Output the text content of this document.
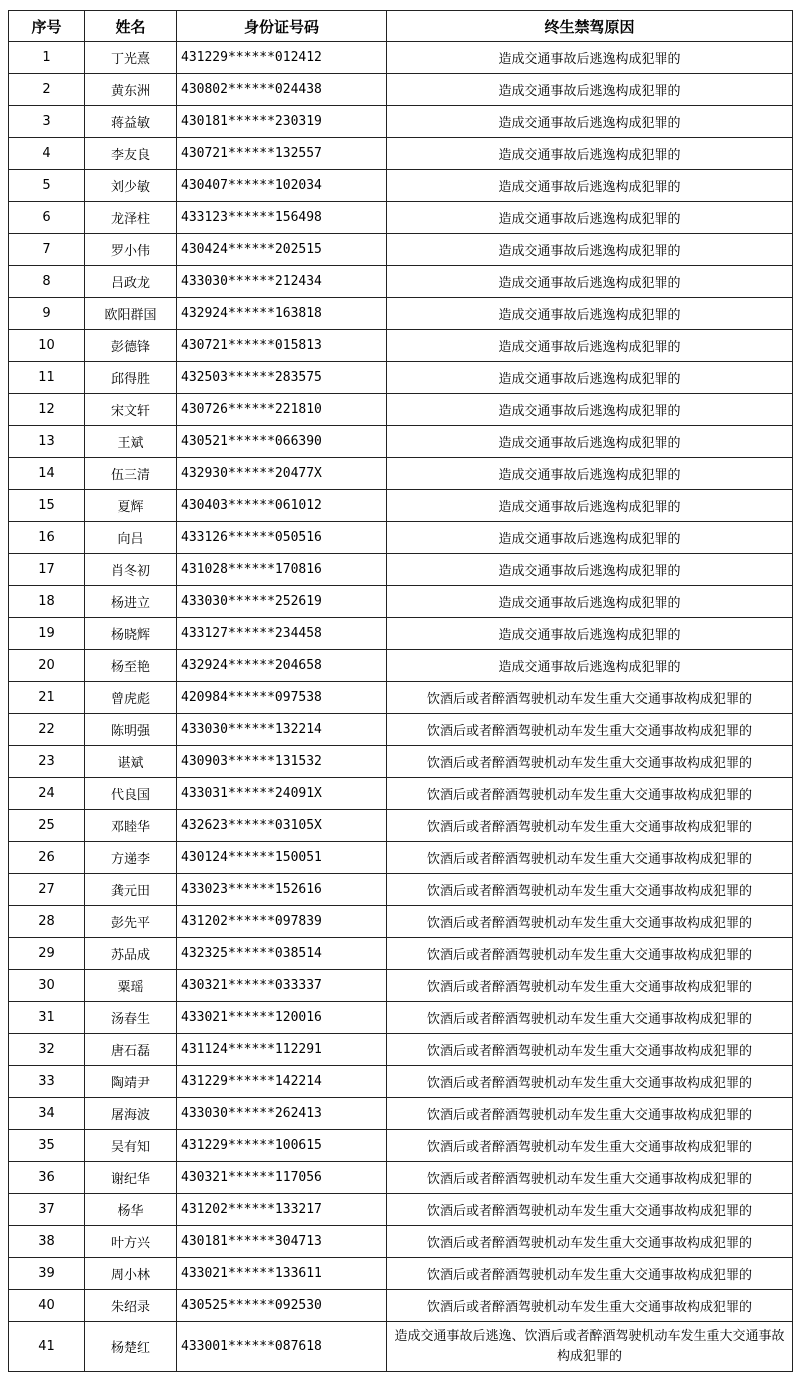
序号	姓名	身份证号码	终生禁驾原因
1	丁光熹	431229******012412	造成交通事故后逃逸构成犯罪的
2	黄东洲	430802******024438	造成交通事故后逃逸构成犯罪的
3	蒋益敏	430181******230319	造成交通事故后逃逸构成犯罪的
4	李友良	430721******132557	造成交通事故后逃逸构成犯罪的
5	刘少敏	430407******102034	造成交通事故后逃逸构成犯罪的
6	龙泽柱	433123******156498	造成交通事故后逃逸构成犯罪的
7	罗小伟	430424******202515	造成交通事故后逃逸构成犯罪的
8	吕政龙	433030******212434	造成交通事故后逃逸构成犯罪的
9	欧阳群国	432924******163818	造成交通事故后逃逸构成犯罪的
10	彭德锋	430721******015813	造成交通事故后逃逸构成犯罪的
11	邱得胜	432503******283575	造成交通事故后逃逸构成犯罪的
12	宋文轩	430726******221810	造成交通事故后逃逸构成犯罪的
13	王斌	430521******066390	造成交通事故后逃逸构成犯罪的
14	伍三清	432930******20477X	造成交通事故后逃逸构成犯罪的
15	夏辉	430403******061012	造成交通事故后逃逸构成犯罪的
16	向吕	433126******050516	造成交通事故后逃逸构成犯罪的
17	肖冬初	431028******170816	造成交通事故后逃逸构成犯罪的
18	杨进立	433030******252619	造成交通事故后逃逸构成犯罪的
19	杨晓辉	433127******234458	造成交通事故后逃逸构成犯罪的
20	杨至艳	432924******204658	造成交通事故后逃逸构成犯罪的
21	曾虎彪	420984******097538	饮酒后或者醉酒驾驶机动车发生重大交通事故构成犯罪的
22	陈明强	433030******132214	饮酒后或者醉酒驾驶机动车发生重大交通事故构成犯罪的
23	谌斌	430903******131532	饮酒后或者醉酒驾驶机动车发生重大交通事故构成犯罪的
24	代良国	433031******24091X	饮酒后或者醉酒驾驶机动车发生重大交通事故构成犯罪的
25	邓睦华	432623******03105X	饮酒后或者醉酒驾驶机动车发生重大交通事故构成犯罪的
26	方递李	430124******150051	饮酒后或者醉酒驾驶机动车发生重大交通事故构成犯罪的
27	龚元田	433023******152616	饮酒后或者醉酒驾驶机动车发生重大交通事故构成犯罪的
28	彭先平	431202******097839	饮酒后或者醉酒驾驶机动车发生重大交通事故构成犯罪的
29	苏品成	432325******038514	饮酒后或者醉酒驾驶机动车发生重大交通事故构成犯罪的
30	粟瑶	430321******033337	饮酒后或者醉酒驾驶机动车发生重大交通事故构成犯罪的
31	汤春生	433021******120016	饮酒后或者醉酒驾驶机动车发生重大交通事故构成犯罪的
32	唐石磊	431124******112291	饮酒后或者醉酒驾驶机动车发生重大交通事故构成犯罪的
33	陶靖尹	431229******142214	饮酒后或者醉酒驾驶机动车发生重大交通事故构成犯罪的
34	屠海波	433030******262413	饮酒后或者醉酒驾驶机动车发生重大交通事故构成犯罪的
35	吴有知	431229******100615	饮酒后或者醉酒驾驶机动车发生重大交通事故构成犯罪的
36	谢纪华	430321******117056	饮酒后或者醉酒驾驶机动车发生重大交通事故构成犯罪的
37	杨华	431202******133217	饮酒后或者醉酒驾驶机动车发生重大交通事故构成犯罪的
38	叶方兴	430181******304713	饮酒后或者醉酒驾驶机动车发生重大交通事故构成犯罪的
39	周小林	433021******133611	饮酒后或者醉酒驾驶机动车发生重大交通事故构成犯罪的
40	朱绍录	430525******092530	饮酒后或者醉酒驾驶机动车发生重大交通事故构成犯罪的
41	杨楚红	433001******087618	造成交通事故后逃逸、饮酒后或者醉酒驾驶机动车发生重大交通事故构成犯罪的
